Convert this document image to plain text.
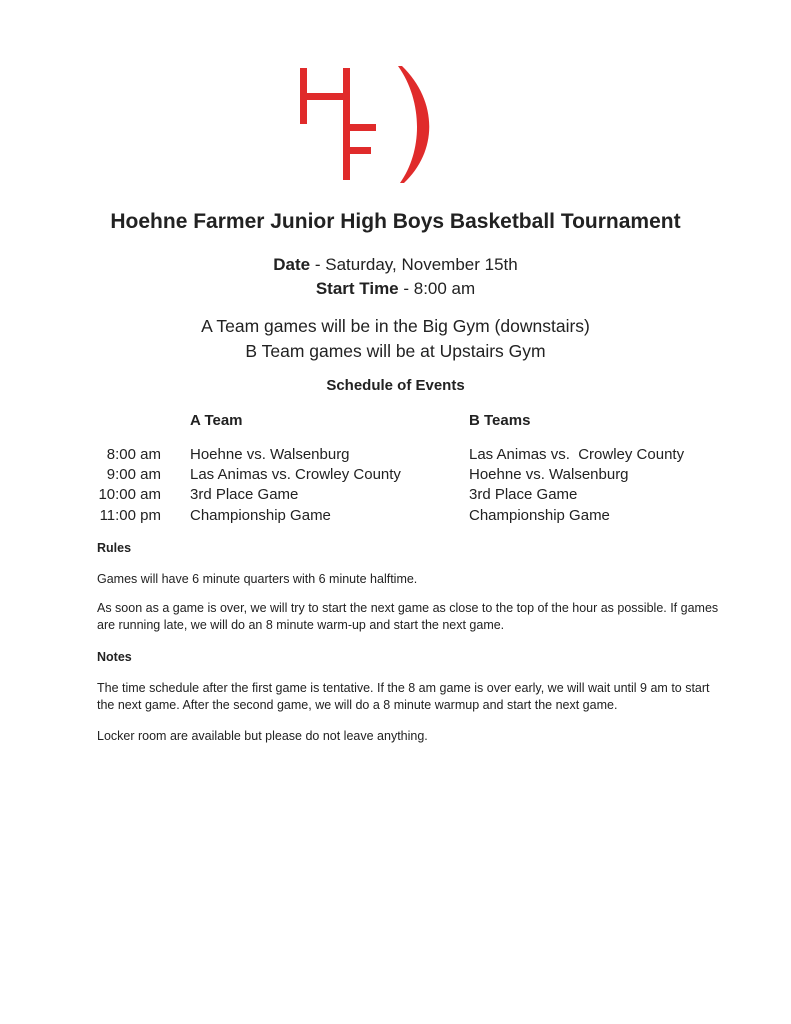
Hoehne Farmer Junior High Boys Basketball Tournament
Date - Saturday, November 15th
Start Time - 8:00 am
A Team games will be in the Big Gym (downstairs)
B Team games will be at Upstairs Gym
Schedule of Events
A Team	B Teams
8:00 am Hoehne vs. Walsenburg	Las Animas vs.  Crowley County
9:00 am Las Animas vs. Crowley County	Hoehne vs. Walsenburg
10:00 am 3rd Place Game	3rd Place Game
11:00 pm Championship Game	Championship Game
Rules
Games will have 6 minute quarters with 6 minute halftime.
As soon as a game is over, we will try to start the next game as close to the top of the hour as possible. If games are running late, we will do an 8 minute warm-up and start the next game.
Notes
The time schedule after the first game is tentative. If the 8 am game is over early, we will wait until 9 am to start the next game. After the second game, we will do a 8 minute warmup and start the next game.
Locker room are available but please do not leave anything.
